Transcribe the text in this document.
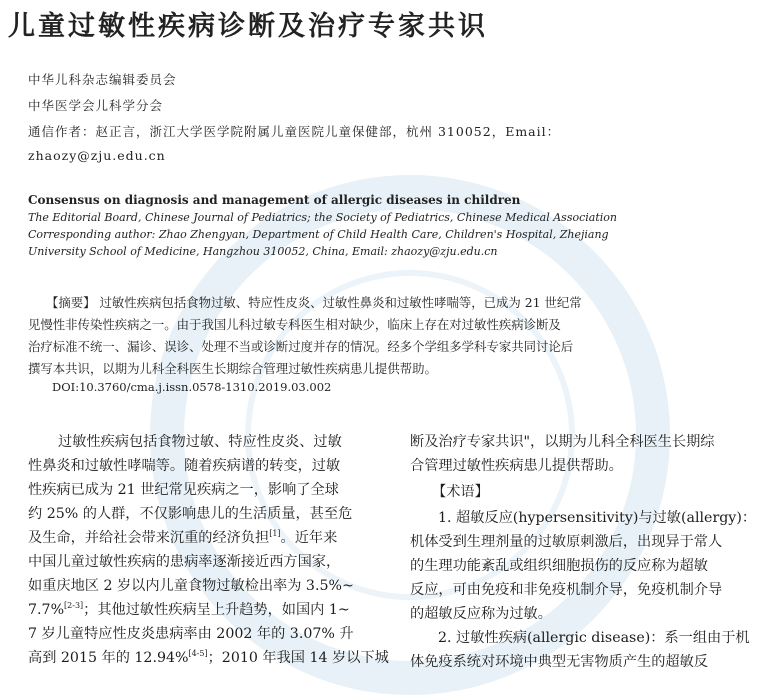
儿童过敏性疾病诊断及治疗专家共识
中华儿科杂志编辑委员会
中华医学会儿科学分会
通信作者：赵正言，浙江大学医学院附属儿童医院儿童保健部，杭州 310052，Email：
zhaozy@zju.edu.cn
Consensus on diagnosis and management of allergic diseases in children
The Editorial Board, Chinese Journal of Pediatrics; the Society of Pediatrics, Chinese Medical Association
Corresponding author: Zhao Zhengyan, Department of Child Health Care, Children's Hospital, Zhejiang
University School of Medicine, Hangzhou 310052, China, Email: zhaozy@zju.edu.cn
【摘要】 过敏性疾病包括食物过敏、特应性皮炎、过敏性鼻炎和过敏性哮喘等，已成为 21 世纪常
见慢性非传染性疾病之一。由于我国儿科过敏专科医生相对缺少，临床上存在对过敏性疾病诊断及
治疗标准不统一、漏诊、误诊、处理不当或诊断过度并存的情况。经多个学组多学科专家共同讨论后
撰写本共识，以期为儿科全科医生长期综合管理过敏性疾病患儿提供帮助。
DOI:10.3760/cma.j.issn.0578-1310.2019.03.002
过敏性疾病包括食物过敏、特应性皮炎、过敏
性鼻炎和过敏性哮喘等。随着疾病谱的转变，过敏
性疾病已成为 21 世纪常见疾病之一，影响了全球
约 25% 的人群，不仅影响患儿的生活质量，甚至危
及生命，并给社会带来沉重的经济负担[1]。近年来
中国儿童过敏性疾病的患病率逐渐接近西方国家，
如重庆地区 2 岁以内儿童食物过敏检出率为 3.5%~
7.7%[2-3]；其他过敏性疾病呈上升趋势，如国内 1~
7 岁儿童特应性皮炎患病率由 2002 年的 3.07% 升
高到 2015 年的 12.94%[4-5]；2010 年我国 14 岁以下城
断及治疗专家共识"，以期为儿科全科医生长期综
合管理过敏性疾病患儿提供帮助。
【术语】
1. 超敏反应(hypersensitivity)与过敏(allergy)：
机体受到生理剂量的过敏原刺激后，出现异于常人
的生理功能紊乱或组织细胞损伤的反应称为超敏
反应，可由免疫和非免疫机制介导，免疫机制介导
的超敏反应称为过敏。
2. 过敏性疾病(allergic disease)：系一组由于机
体免疫系统对环境中典型无害物质产生的超敏反
